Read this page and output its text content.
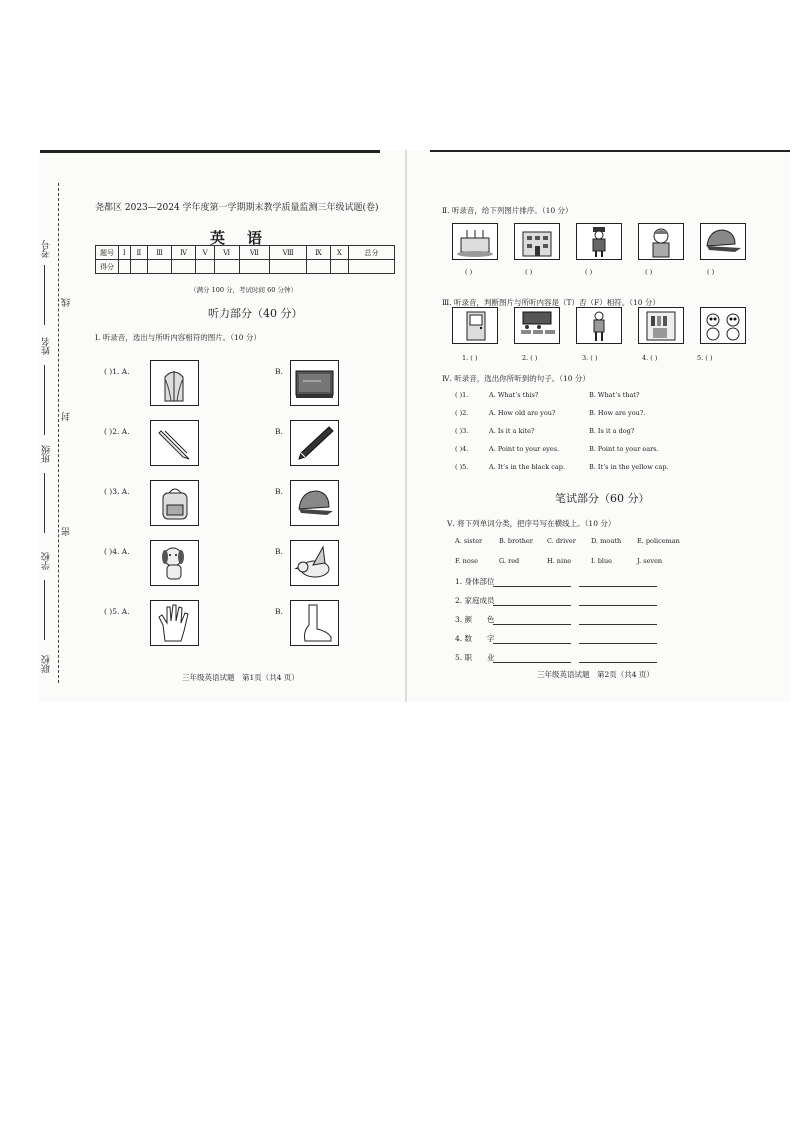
考号
线
姓名
封
班级
密
学校
联校
尧都区 2023—2024 学年度第一学期期末教学质量监测三年级试题(卷)
英语
题号	Ⅰ	Ⅱ	Ⅲ	Ⅳ	Ⅴ	Ⅵ	Ⅶ	Ⅷ	Ⅸ	Ⅹ	总分
得分											
（满分 100 分，考试时间 60 分钟）
听力部分（40 分）
Ⅰ. 听录音，选出与所听内容相符的图片。（10 分）
( )1. A.	B.
( )2. A.	B.
( )3. A.	B.
( )4. A.	B.
( )5. A.	B.
三年级英语试题　第1页（共4 页）
Ⅱ. 听录音，给下列图片排序。（10 分）
( )	( )	( )	( )	( )
Ⅲ. 听录音，判断图片与所听内容是（T）否（F）相符。（10 分）
1. ( )	2. ( )	3. ( )	4. ( )	5. ( )
Ⅳ. 听录音，选出你所听到的句子。（10 分）
( )1.	A. What’s this?	B. What’s that?
( )2.	A. How old are you?	B. How are you?.
( )3.	A. Is it a kite?	B. Is it a dog?
( )4.	A. Point to your eyes.	B. Point to your ears.
( )5.	A. It’s in the black cap.	B. It’s in the yellow cap.
笔试部分（60 分）
Ⅴ. 将下列单词分类，把序号写在横线上。（10 分）
A. sister	B. brother C. driver D. mouth E. policeman
F. nose	G. red	H. nine	I. blue	J. seven
1. 身体部位
2. 家庭成员
3. 颜　　色
4. 数　　字
5. 职　　业
三年级英语试题　第2页（共4 页）
